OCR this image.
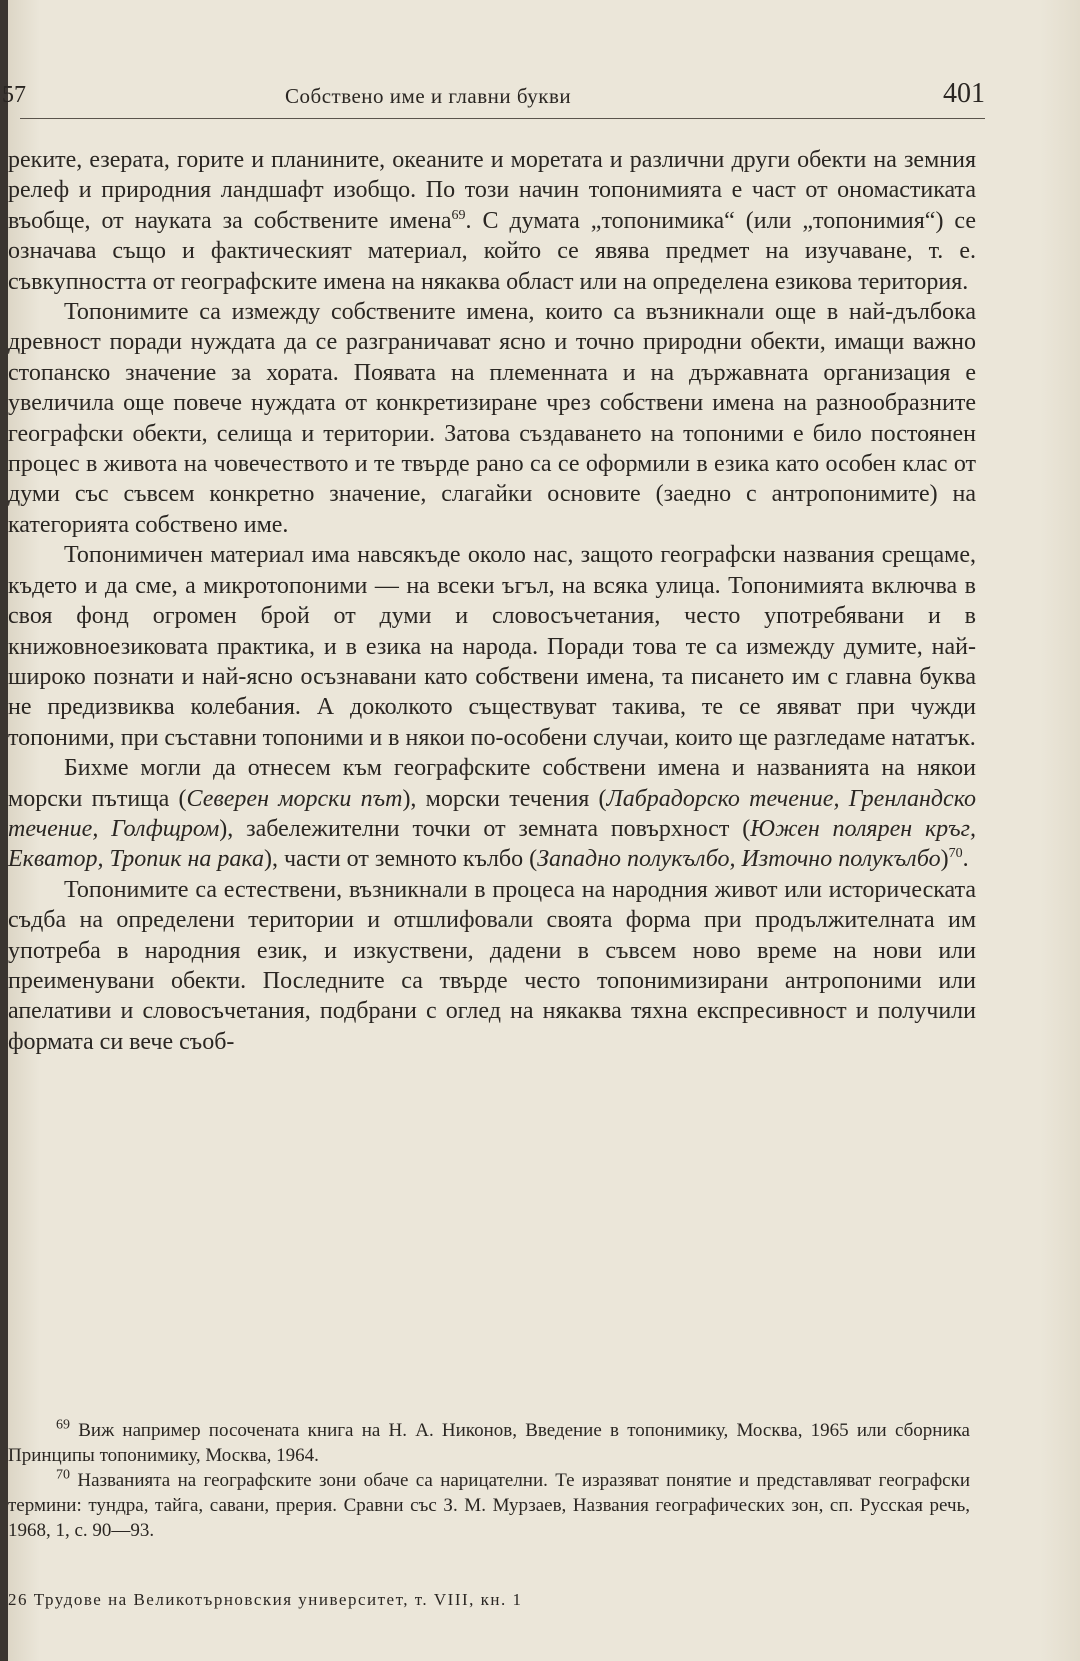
57	Собствено име и главни букви	401

реките, езерата, горите и планините, океаните и моретата и различни други обекти на земния релеф и природния ландшафт изобщо. По този начин топонимията е част от ономастиката въобще, от науката за собствените имена$^{69}$. С думата „топонимика“ (или „топонимия“) се означава също и фактическият материал, който се явява предмет на изучаване, т. е. съвкупността от географските имена на някаква област или на определена езикова територия.

Топонимите са измежду собствените имена, които са възникнали още в най-дълбока древност поради нуждата да се разграничават ясно и точно природни обекти, имащи важно стопанско значение за хората. Появата на племенната и на държавната организация е увеличила още повече нуждата от конкретизиране чрез собствени имена на разнообразните географски обекти, селища и територии. Затова създаването на топоними е било постоянен процес в живота на човечеството и те твърде рано са се оформили в езика като особен клас от думи със съвсем конкретно значение, слагайки основите (заедно с антропонимите) на категорията собствено име.

Топонимичен материал има навсякъде около нас, защото географски названия срещаме, където и да сме, а микротопоними — на всеки ъгъл, на всяка улица. Топонимията включва в своя фонд огромен брой от думи и словосъчетания, често употребявани и в книжовноезиковата практика, и в езика на народа. Поради това те са измежду думите, най-широко познати и най-ясно осъзнавани като собствени имена, та писането им с главна буква не предизвиква колебания. А доколкото съществуват такива, те се явяват при чужди топоними, при съставни топоними и в някои по-особени случаи, които ще разгледаме нататък.

Бихме могли да отнесем към географските собствени имена и названията на някои морски пътища (Северен морски път), морски течения (Лабрадорско течение, Гренландско течение, Голфщром), забележителни точки от земната повърхност (Южен полярен кръг, Екватор, Тропик на рака), части от земното кълбо (Западно полукълбо, Източно полукълбо)$^{70}$.

Топонимите са естествени, възникнали в процеса на народния живот или историческата съдба на определени територии и отшлифовали своята форма при продължителната им употреба в народния език, и изкуствени, дадени в съвсем ново време на нови или преименувани обекти. Последните са твърде често топонимизирани антропоними или апелативи и словосъчетания, подбрани с оглед на някаква тяхна експресивност и получили формата си вече съоб-

$^{69}$ Виж например посочената книга на Н. А. Никонов, Введение в топонимику, Москва, 1965 или сборника Принципы топонимику, Москва, 1964.

$^{70}$ Названията на географските зони обаче са нарицателни. Те изразяват понятие и представляват географски термини: тундра, тайга, савани, прерия. Сравни със З. М. Мурзаев, Названия географических зон, сп. Русская речь, 1968, 1, с. 90—93.

26 Трудове на Великотърновския университет, т. VIII, кн. 1
